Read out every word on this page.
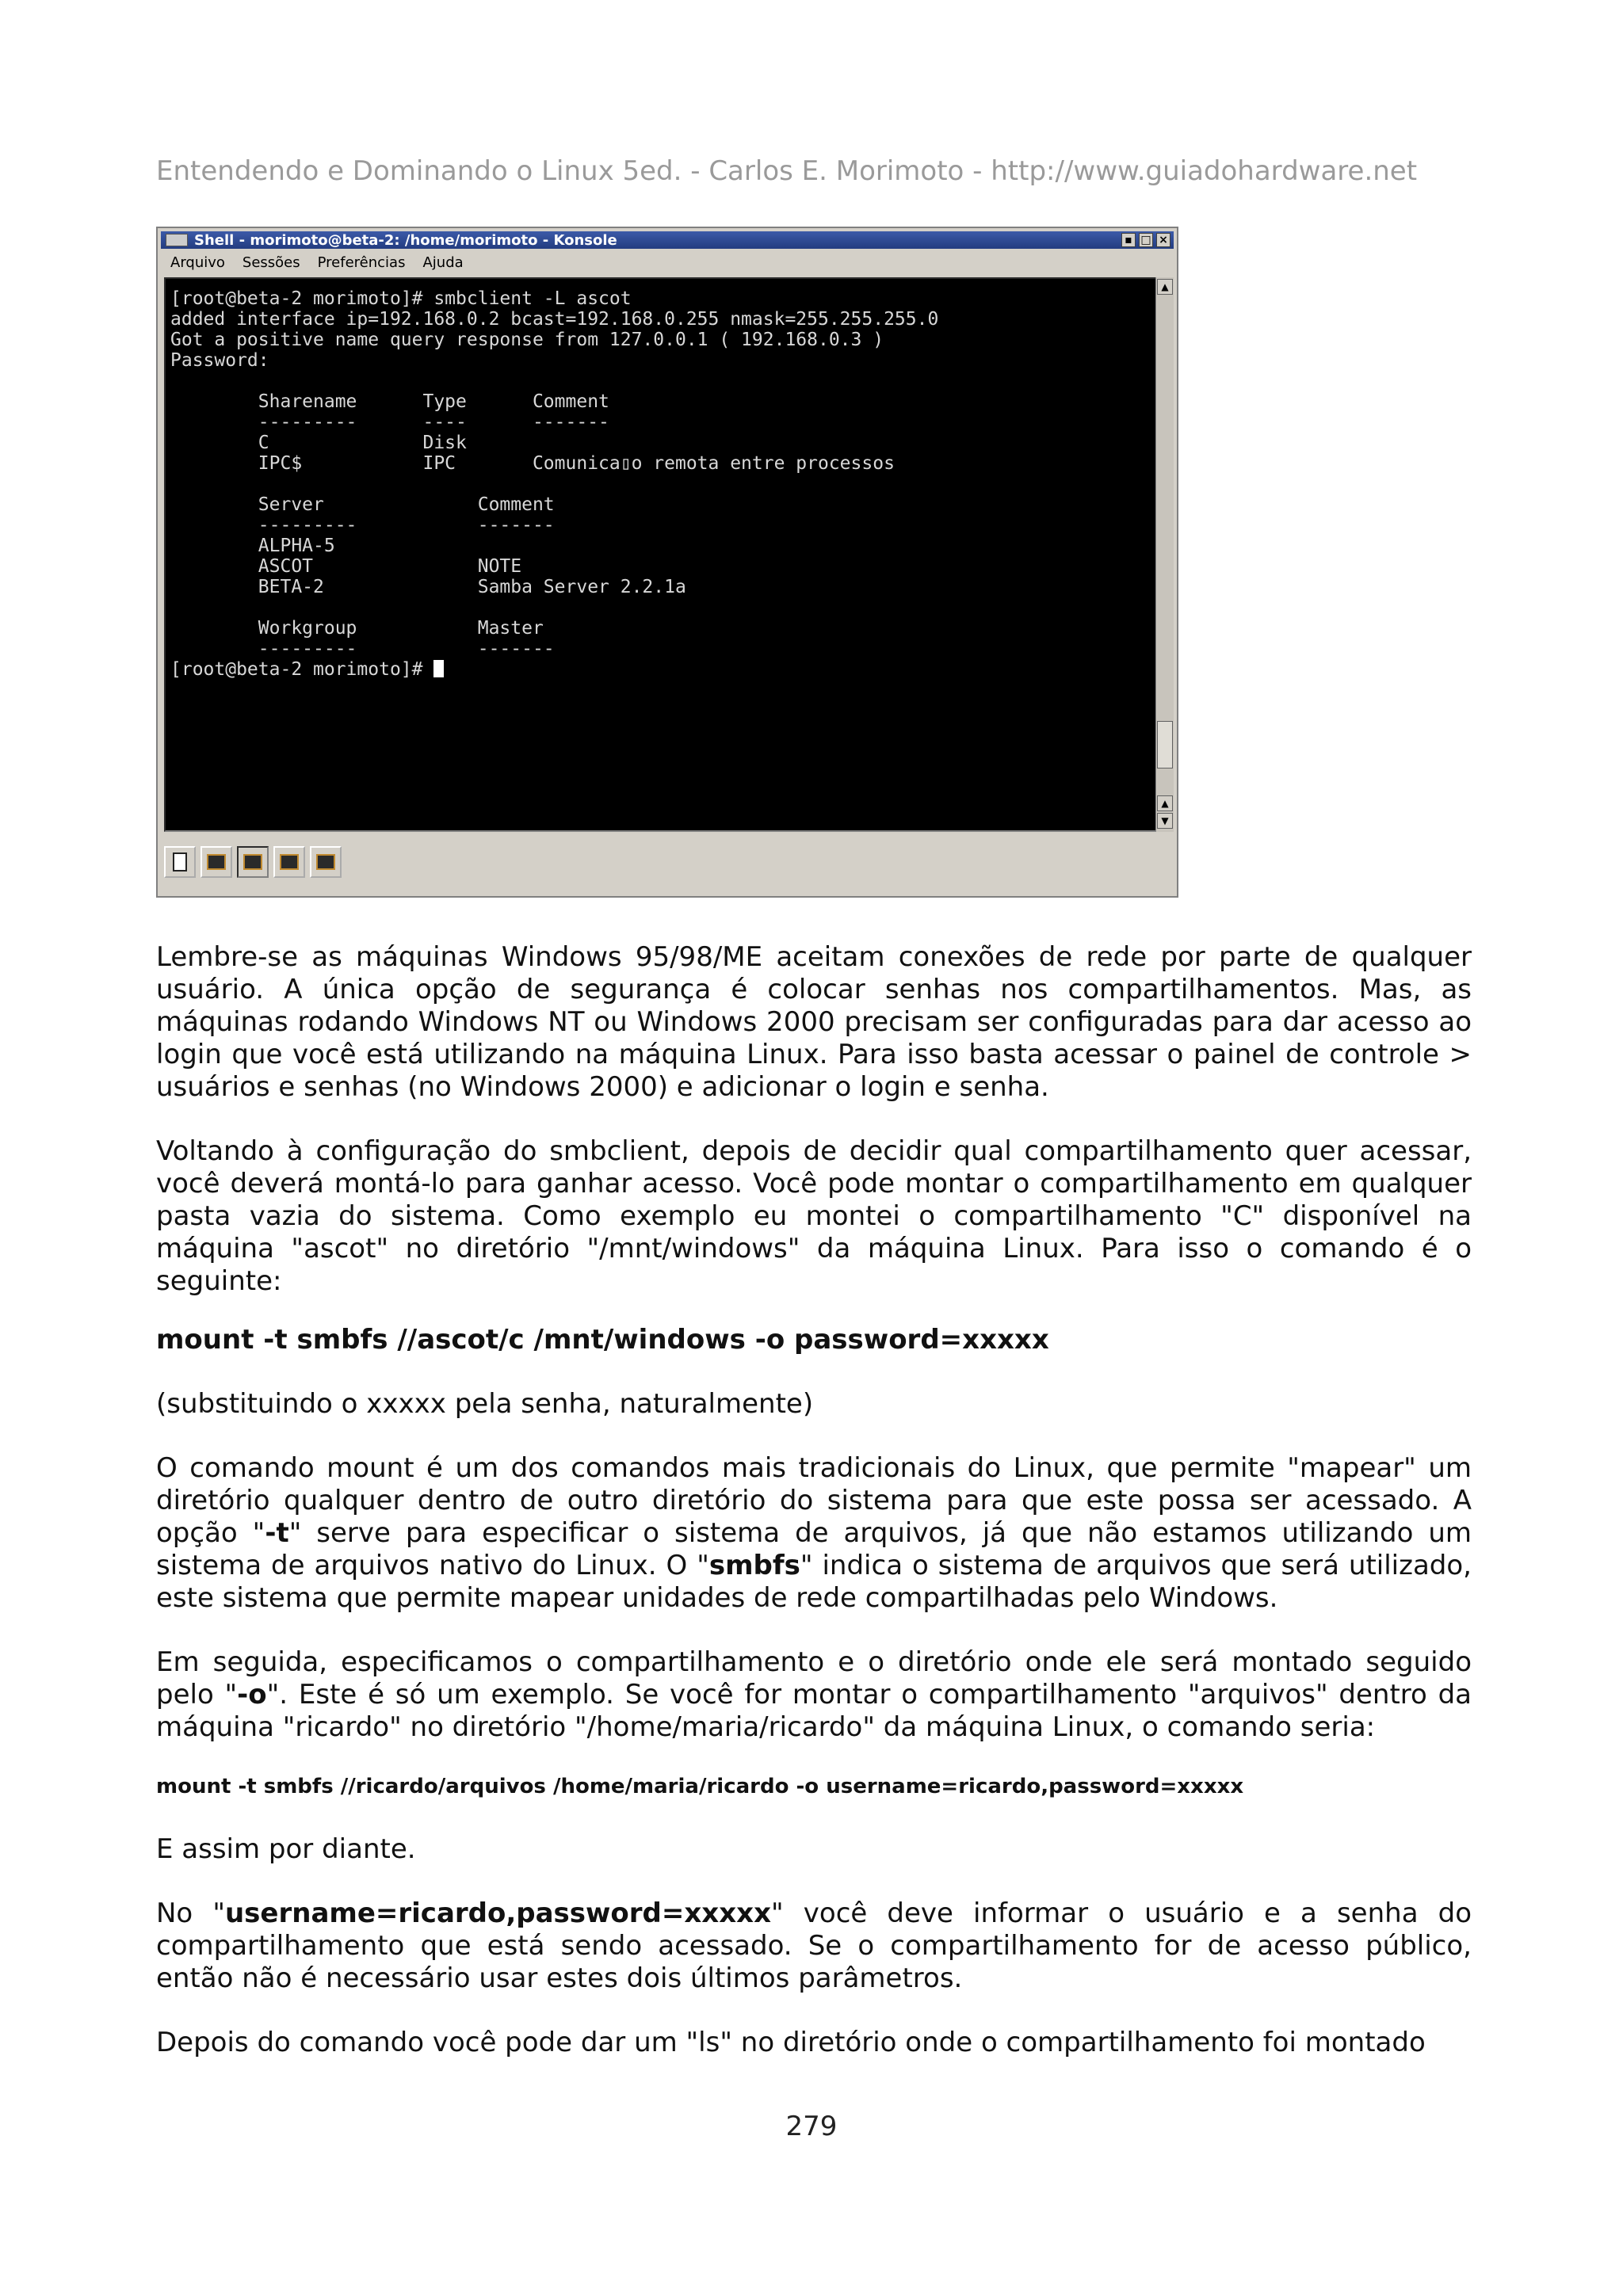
Entendendo e Dominando o Linux 5ed. - Carlos E. Morimoto - http://www.guiadohardware.net
Shell - morimoto@beta-2: /home/morimoto - Konsole	▪ □ ×
Arquivo Sessões Preferências Ajuda
[root@beta-2 morimoto]# smbclient -L ascot
added interface ip=192.168.0.2 bcast=192.168.0.255 nmask=255.255.255.0
Got a positive name query response from 127.0.0.1 ( 192.168.0.3 )
Password:

Sharename      Type      Comment
---------      ----      -------
C              Disk
IPC$           IPC       Comunica▯o remota entre processos

Server              Comment
---------           -------
ALPHA-5
ASCOT               NOTE
BETA-2              Samba Server 2.2.1a

Workgroup           Master
---------           -------
[root@beta-2 morimoto]#
▲
▲
▼

Lembre-se as máquinas Windows 95/98/ME aceitam conexões de rede por parte de qualquer usuário. A única opção de segurança é colocar senhas nos compartilhamentos. Mas, as máquinas rodando Windows NT ou Windows 2000 precisam ser configuradas para dar acesso ao login que você está utilizando na máquina Linux. Para isso basta acessar o painel de controle > usuários e senhas (no Windows 2000) e adicionar o login e senha.

Voltando à configuração do smbclient, depois de decidir qual compartilhamento quer acessar, você deverá montá-lo para ganhar acesso. Você pode montar o compartilhamento em qualquer pasta vazia do sistema. Como exemplo eu montei o compartilhamento "C" disponível na máquina "ascot" no diretório "/mnt/windows" da máquina Linux. Para isso o comando é o seguinte:

mount -t smbfs //ascot/c /mnt/windows -o password=xxxxx

(substituindo o xxxxx pela senha, naturalmente)

O comando mount é um dos comandos mais tradicionais do Linux, que permite "mapear" um diretório qualquer dentro de outro diretório do sistema para que este possa ser acessado. A opção "-t" serve para especificar o sistema de arquivos, já que não estamos utilizando um sistema de arquivos nativo do Linux. O "smbfs" indica o sistema de arquivos que será utilizado, este sistema que permite mapear unidades de rede compartilhadas pelo Windows.

Em seguida, especificamos o compartilhamento e o diretório onde ele será montado seguido pelo "-o". Este é só um exemplo. Se você for montar o compartilhamento "arquivos" dentro da máquina "ricardo" no diretório "/home/maria/ricardo" da máquina Linux, o comando seria:

mount -t smbfs //ricardo/arquivos /home/maria/ricardo -o username=ricardo,password=xxxxx

E assim por diante.

No "username=ricardo,password=xxxxx" você deve informar o usuário e a senha do compartilhamento que está sendo acessado. Se o compartilhamento for de acesso público, então não é necessário usar estes dois últimos parâmetros.

Depois do comando você pode dar um "ls" no diretório onde o compartilhamento foi montado

279
